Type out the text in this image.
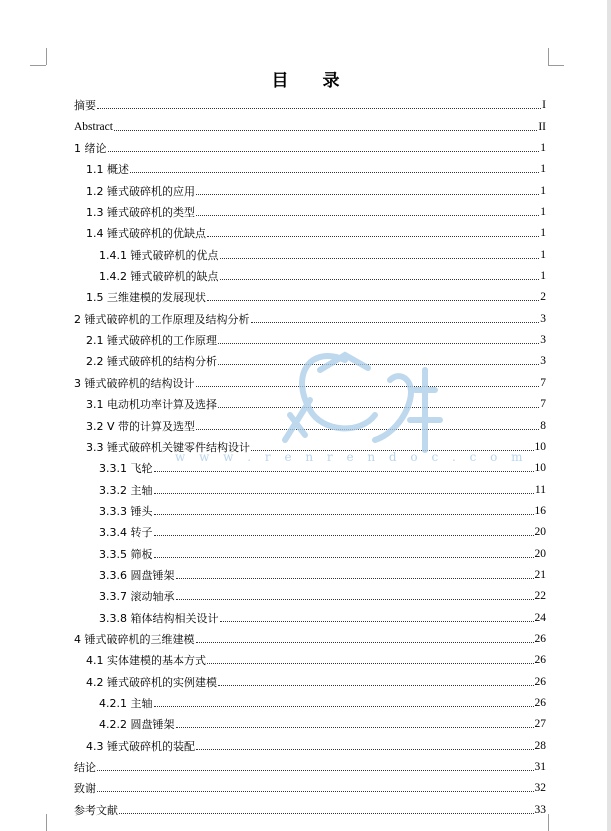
目　　录
摘要	I
Abstract	II
1 绪论	1
1.1 概述	1
1.2 锤式破碎机的应用	1
1.3 锤式破碎机的类型	1
1.4 锤式破碎机的优缺点	1
1.4.1 锤式破碎机的优点	1
1.4.2 锤式破碎机的缺点	1
1.5 三维建模的发展现状	2
2 锤式破碎机的工作原理及结构分析	3
2.1 锤式破碎机的工作原理	3
2.2 锤式破碎机的结构分析	3
3 锤式破碎机的结构设计	7
3.1 电动机功率计算及选择	7
3.2 V 带的计算及选型	8
3.3 锤式破碎机关键零件结构设计	10
3.3.1 飞轮	10
3.3.2 主轴	11
3.3.3 锤头	16
3.3.4 转子	20
3.3.5 筛板	20
3.3.6 圆盘锤架	21
3.3.7 滚动轴承	22
3.3.8 箱体结构相关设计	24
4 锤式破碎机的三维建模	26
4.1 实体建模的基本方式	26
4.2 锤式破碎机的实例建模	26
4.2.1 主轴	26
4.2.2 圆盘锤架	27
4.3 锤式破碎机的装配	28
结论	31
致谢	32
参考文献	33
w w w . r e n r e n d o c . c o m
